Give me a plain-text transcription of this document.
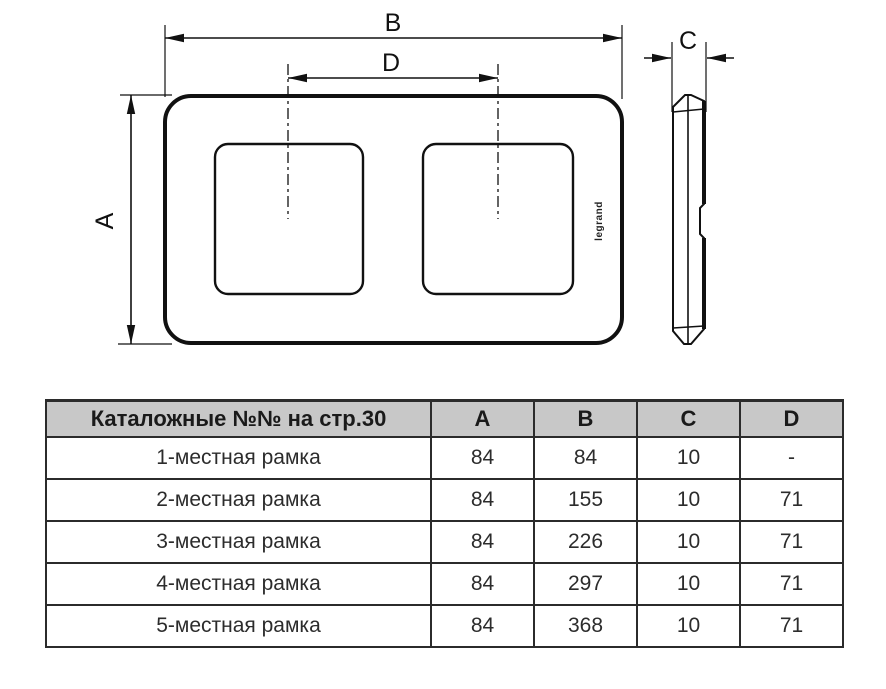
legrand
B
D
A
C
Каталожные №№ на стр.30	A	B	C	D
1-местная рамка	84	84	10	-
2-местная рамка	84	155	10	71
3-местная рамка	84	226	10	71
4-местная рамка	84	297	10	71
5-местная рамка	84	368	10	71
